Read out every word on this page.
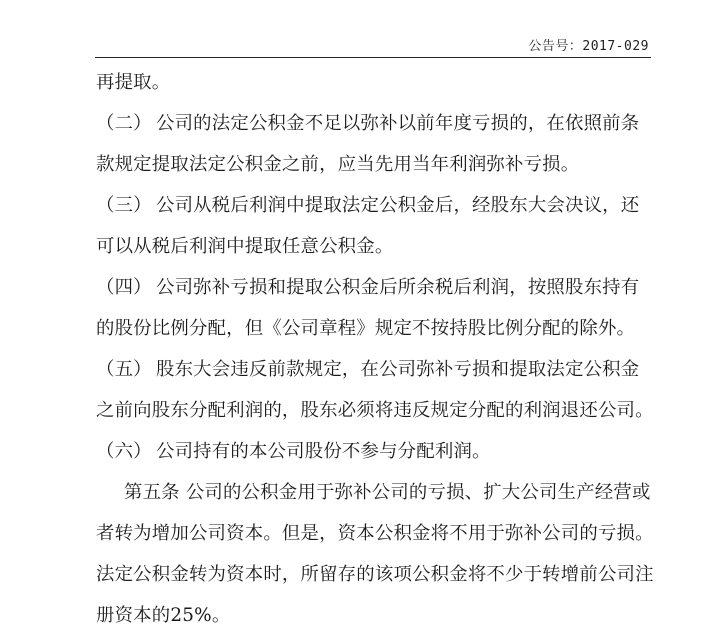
公告号：2017-029
再提取。
（二） 公司的法定公积金不足以弥补以前年度亏损的，在依照前条
款规定提取法定公积金之前，应当先用当年利润弥补亏损。
（三） 公司从税后利润中提取法定公积金后，经股东大会决议，还
可以从税后利润中提取任意公积金。
（四） 公司弥补亏损和提取公积金后所余税后利润，按照股东持有
的股份比例分配，但《公司章程》规定不按持股比例分配的除外。
（五） 股东大会违反前款规定，在公司弥补亏损和提取法定公积金
之前向股东分配利润的，股东必须将违反规定分配的利润退还公司。
（六） 公司持有的本公司股份不参与分配利润。
第五条 公司的公积金用于弥补公司的亏损、扩大公司生产经营或
者转为增加公司资本。但是，资本公积金将不用于弥补公司的亏损。
法定公积金转为资本时，所留存的该项公积金将不少于转增前公司注
册资本的25%。
